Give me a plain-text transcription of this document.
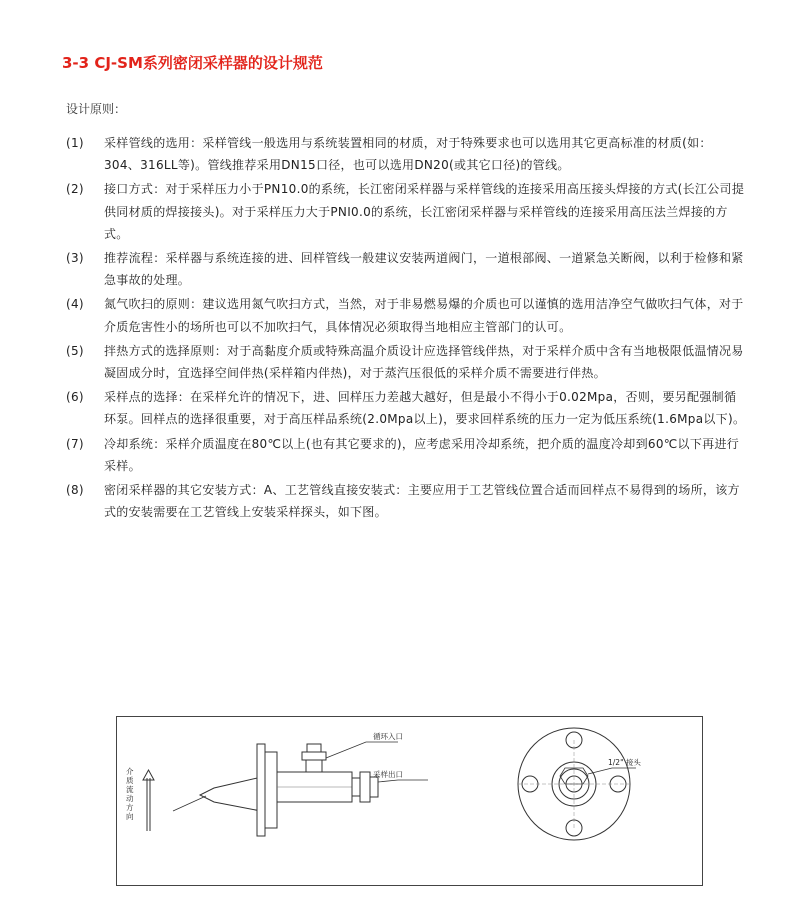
3-3 CJ-SM系列密闭采样器的设计规范
设计原则：
(1)	采样管线的选用：采样管线一般选用与系统装置相同的材质，对于特殊要求也可以选用其它更高标准的材质(如：304、316LL等)。管线推荐采用DN15口径，也可以选用DN20(或其它口径)的管线。
(2)	接口方式：对于采样压力小于PN10.0的系统，长江密闭采样器与采样管线的连接采用高压接头焊接的方式(长江公司提供同材质的焊接接头)。对于采样压力大于PNI0.0的系统，长江密闭采样器与采样管线的连接采用高压法兰焊接的方式。
(3)	推荐流程：采样器与系统连接的进、回样管线一般建议安装两道阀门，一道根部阀、一道紧急关断阀，以利于检修和紧急事故的处理。
(4)	氮气吹扫的原则：建议选用氮气吹扫方式，当然，对于非易燃易爆的介质也可以谨慎的选用洁净空气做吹扫气体，对于介质危害性小的场所也可以不加吹扫气，具体情况必须取得当地相应主管部门的认可。
(5)	拌热方式的选择原则：对于高黏度介质或特殊高温介质设计应选择管线伴热，对于采样介质中含有当地极限低温情况易凝固成分时，宜选择空间伴热(采样箱内伴热)，对于蒸汽压很低的采样介质不需要进行伴热。
(6)	采样点的选择：在采样允许的情况下，进、回样压力差越大越好，但是最小不得小于0.02Mpa，否则，要另配强制循环泵。回样点的选择很重要，对于高压样品系统(2.0Mpa以上)，要求回样系统的压力一定为低压系统(1.6Mpa以下)。
(7)	冷却系统：采样介质温度在80℃以上(也有其它要求的)，应考虑采用冷却系统，把介质的温度冷却到60℃以下再进行采样。
(8)	密闭采样器的其它安装方式：A、工艺管线直接安装式：主要应用于工艺管线位置合适而回样点不易得到的场所，该方式的安装需要在工艺管线上安装采样探头，如下图。
介质流动方向
循环入口
采样出口
1/2" 接头
